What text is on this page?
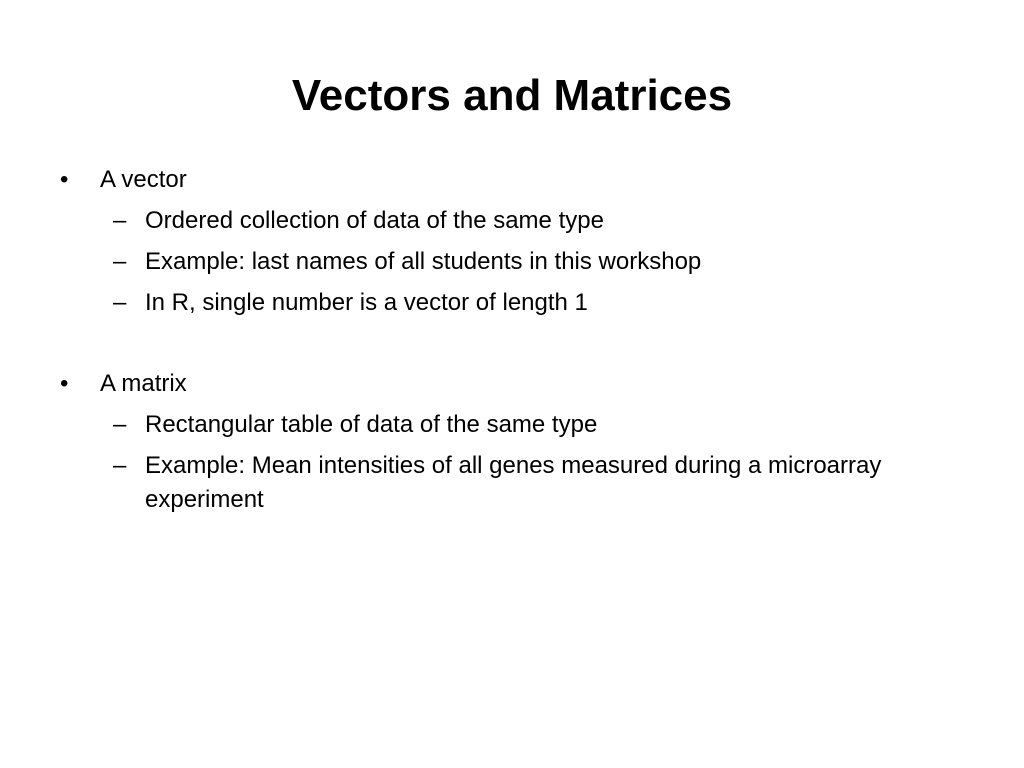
Vectors and Matrices
• A vector
– Ordered collection of data of the same type
– Example: last names of all students in this workshop
– In R, single number is a vector of length 1
• A matrix
– Rectangular table of data of the same type
– Example: Mean intensities of all genes measured during a microarray experiment
